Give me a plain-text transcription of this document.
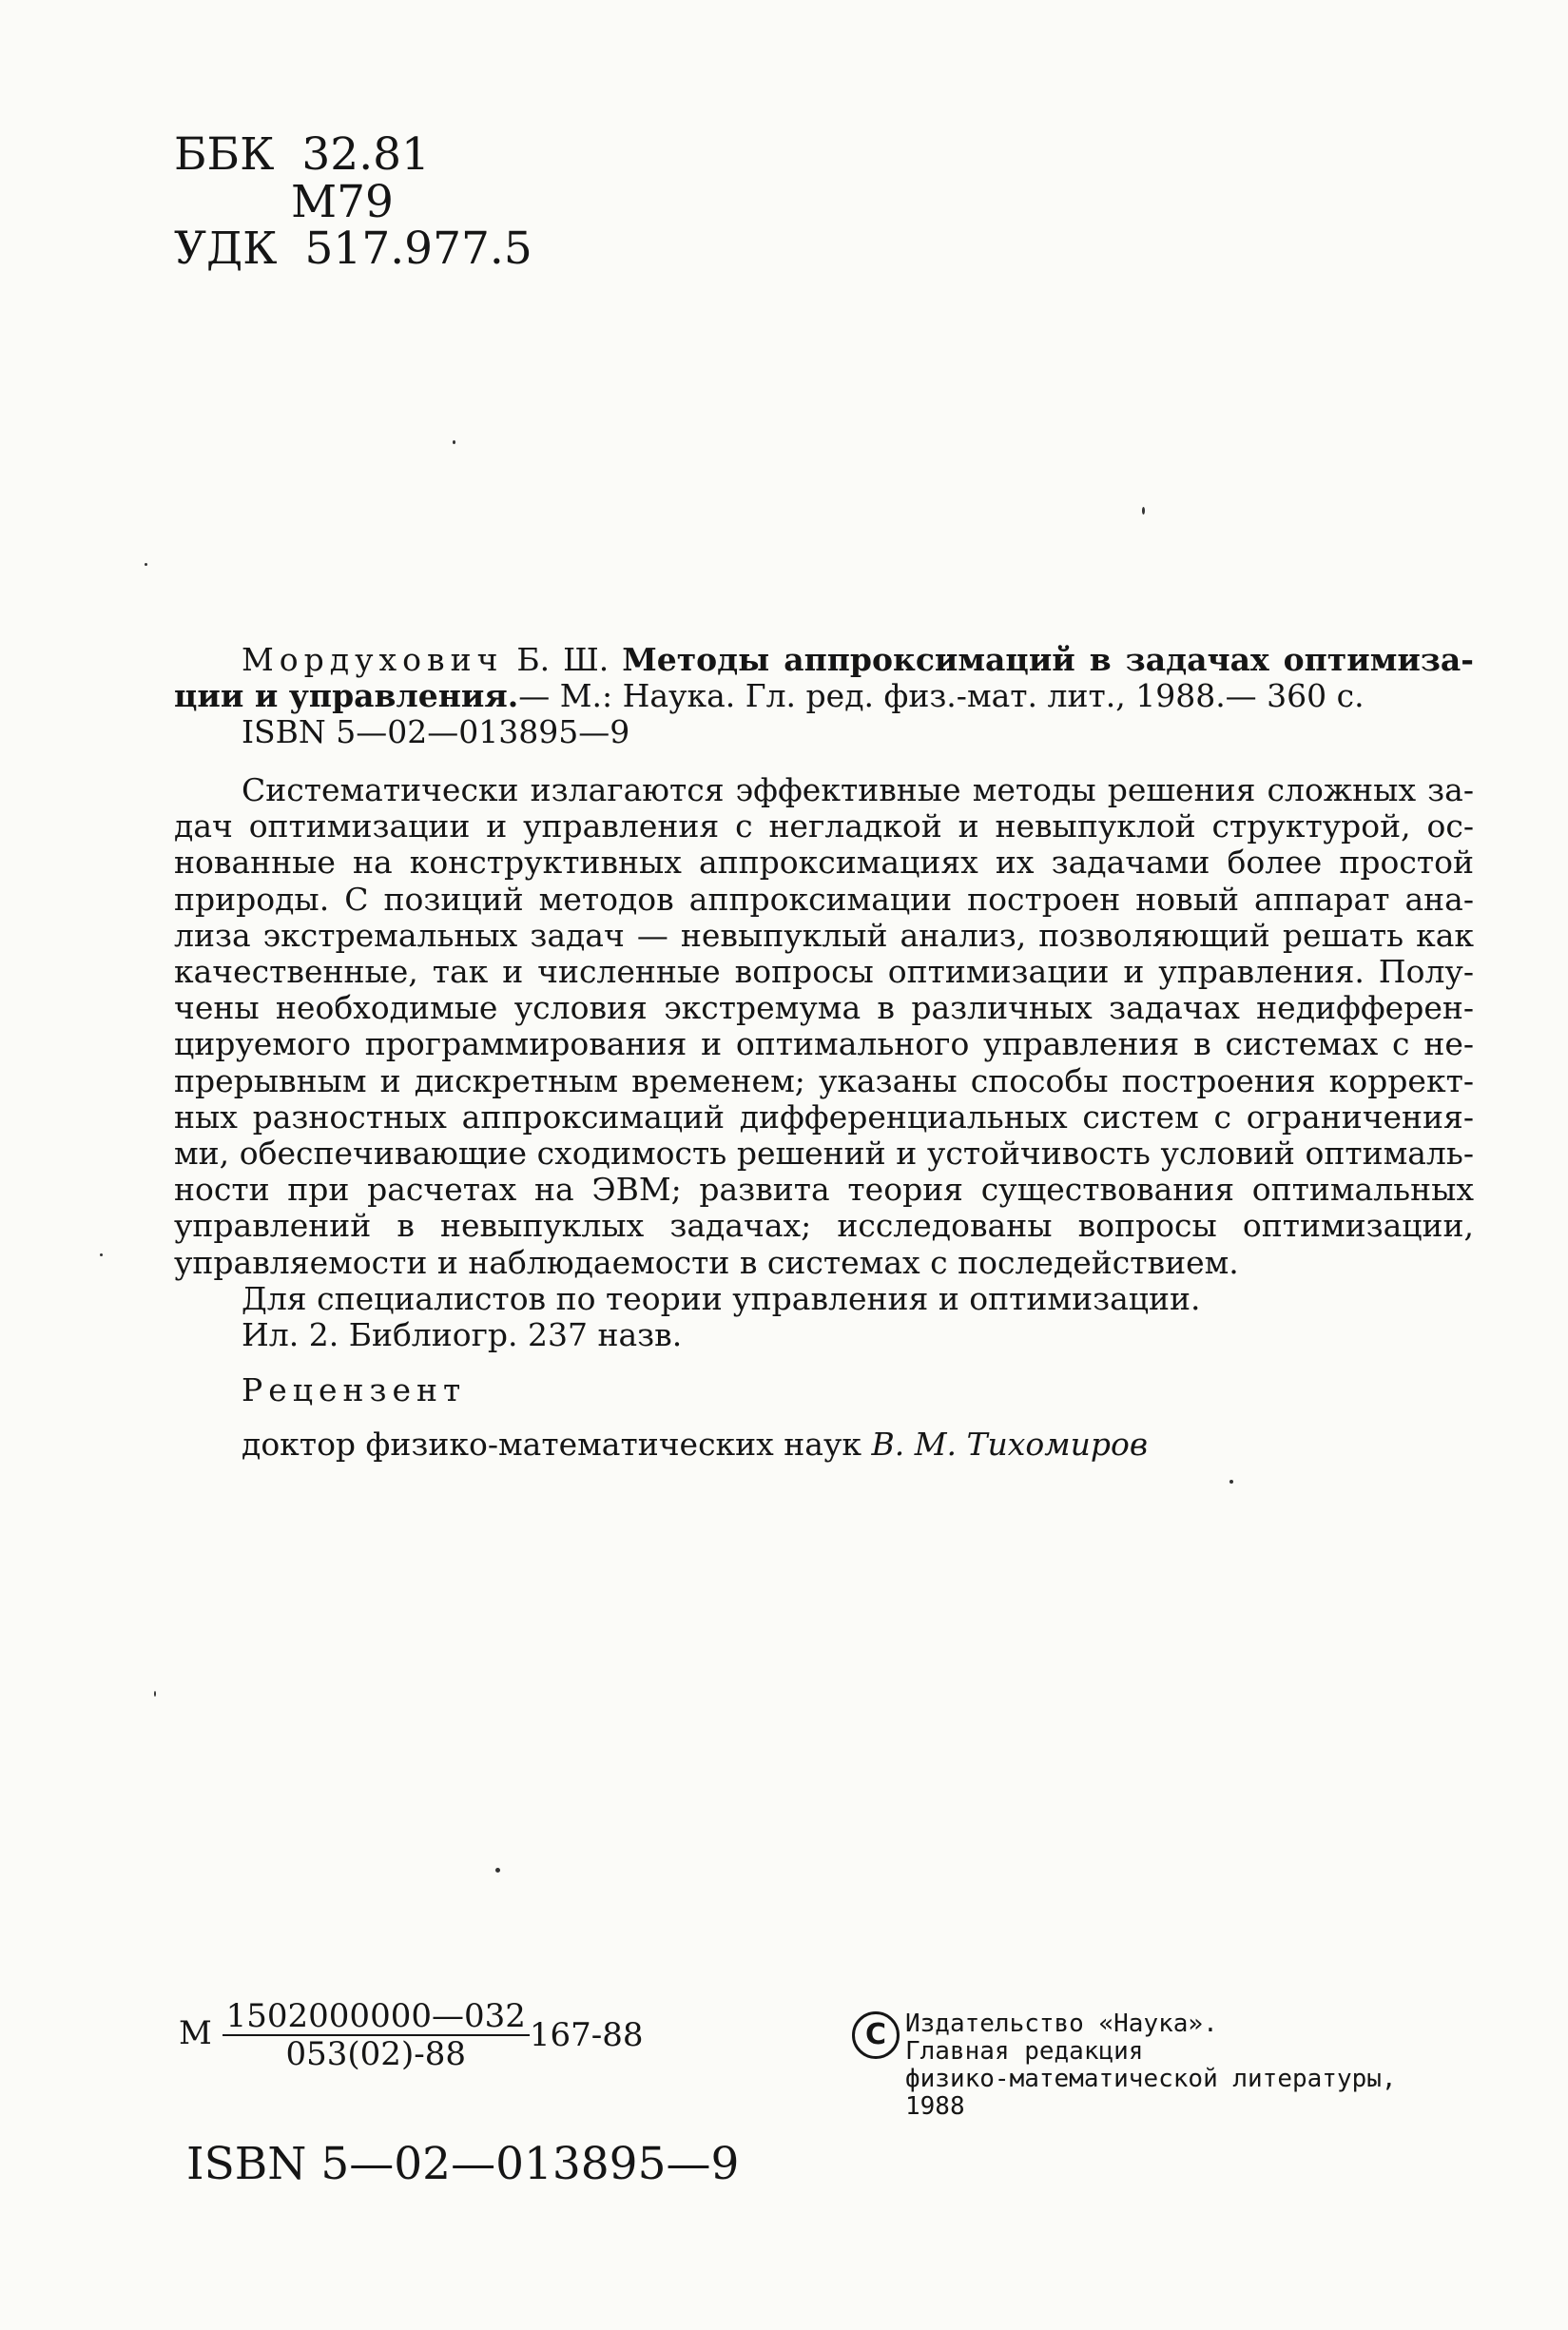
ББК 32.81
М79
УДК 517.977.5
Мордухович Б. Ш. Методы аппроксимаций в задачах оптимиза-
ции и управления.— М.: Наука. Гл. ред. физ.-мат. лит., 1988.— 360 с.
ISBN 5—02—013895—9
Систематически излагаются эффективные методы решения сложных за-
дач оптимизации и управления с негладкой и невыпуклой структурой, ос-
нованные на конструктивных аппроксимациях их задачами более простой
природы. С позиций методов аппроксимации построен новый аппарат ана-
лиза экстремальных задач — невыпуклый анализ, позволяющий решать как
качественные, так и численные вопросы оптимизации и управления. Полу-
чены необходимые условия экстремума в различных задачах недифферен-
цируемого программирования и оптимального управления в системах с не-
прерывным и дискретным временем; указаны способы построения коррект-
ных разностных аппроксимаций дифференциальных систем с ограничения-
ми, обеспечивающие сходимость решений и устойчивость условий оптималь-
ности при расчетах на ЭВМ; развита теория существования оптимальных
управлений в невыпуклых задачах; исследованы вопросы оптимизации,
управляемости и наблюдаемости в системах с последействием.
Для специалистов по теории управления и оптимизации.
Ил. 2. Библиогр. 237 назв.
Рецензент
доктор физико-математических наук В. М. Тихомиров
М $\frac{1502000000—032}{053(02)-88} 167-88$	С Издательство «Наука».
Главная редакция
физико-математической литературы,
1988
ISBN 5—02—013895—9
